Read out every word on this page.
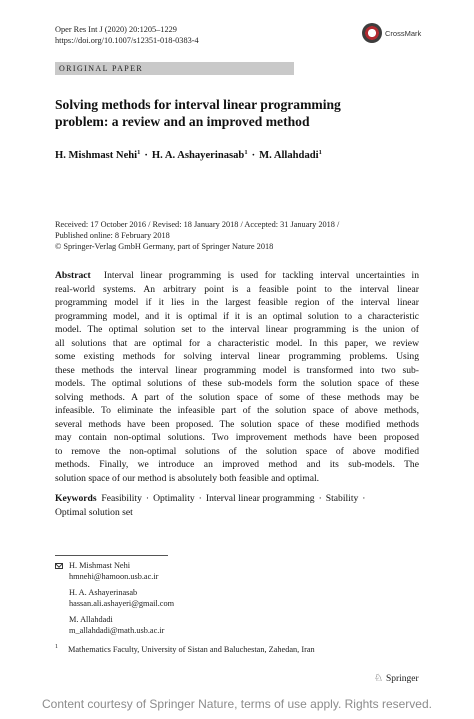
Oper Res Int J (2020) 20:1205–1229
https://doi.org/10.1007/s12351-018-0383-4
CrossMark
ORIGINAL PAPER
Solving methods for interval linear programming
problem: a review and an improved method
H. Mishmast Nehi$^1$ · H. A. Ashayerinasab$^1$ · M. Allahdadi$^1$
Received: 17 October 2016 / Revised: 18 January 2018 / Accepted: 31 January 2018 /
Published online: 8 February 2018
© Springer-Verlag GmbH Germany, part of Springer Nature 2018
Abstract Interval linear programming is used for tackling interval uncertainties in
real-world systems. An arbitrary point is a feasible point to the interval linear
programming model if it lies in the largest feasible region of the interval linear
programming model, and it is optimal if it is an optimal solution to a characteristic
model. The optimal solution set to the interval linear programming is the union of
all solutions that are optimal for a characteristic model. In this paper, we review
some existing methods for solving interval linear programming problems. Using
these methods the interval linear programming model is transformed into two sub-
models. The optimal solutions of these sub-models form the solution space of these
solving methods. A part of the solution space of some of these methods may be
infeasible. To eliminate the infeasible part of the solution space of above methods,
several methods have been proposed. The solution space of these modified methods
may contain non-optimal solutions. Two improvement methods have been proposed
to remove the non-optimal solutions of the solution space of above modified
methods. Finally, we introduce an improved method and its sub-models. The
solution space of our method is absolutely both feasible and optimal.
Keywords Feasibility · Optimality · Interval linear programming · Stability ·
Optimal solution set
H. Mishmast Nehi
hmnehi@hamoon.usb.ac.ir
H. A. Ashayerinasab
hassan.ali.ashayeri@gmail.com
M. Allahdadi
m_allahdadi@math.usb.ac.ir
$^1$ Mathematics Faculty, University of Sistan and Baluchestan, Zahedan, Iran
♘ Springer
Content courtesy of Springer Nature, terms of use apply. Rights reserved.
